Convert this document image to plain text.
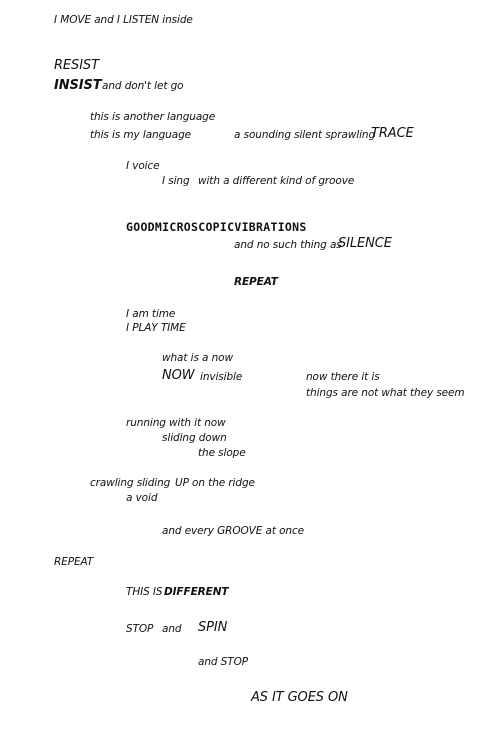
I MOVE and I LISTEN inside
RESIST
INSIST and don't let go
this is another language
this is my language	a sounding silent sprawling
TRACE
I voice
I sing with a different kind of groove
GOODMICROSCOPICVIBRATIONS
and no such thing as
SILENCE
REPEAT
I am time
I PLAY TIME
what is a now
NOW invisible	now there it is
things are not what they seem
running with it now
sliding down
the slope
crawling sliding UP on the ridge
a void
and every GROOVE at once
REPEAT
THIS IS DIFFERENT
STOP and SPIN
and STOP
AS IT GOES ON
